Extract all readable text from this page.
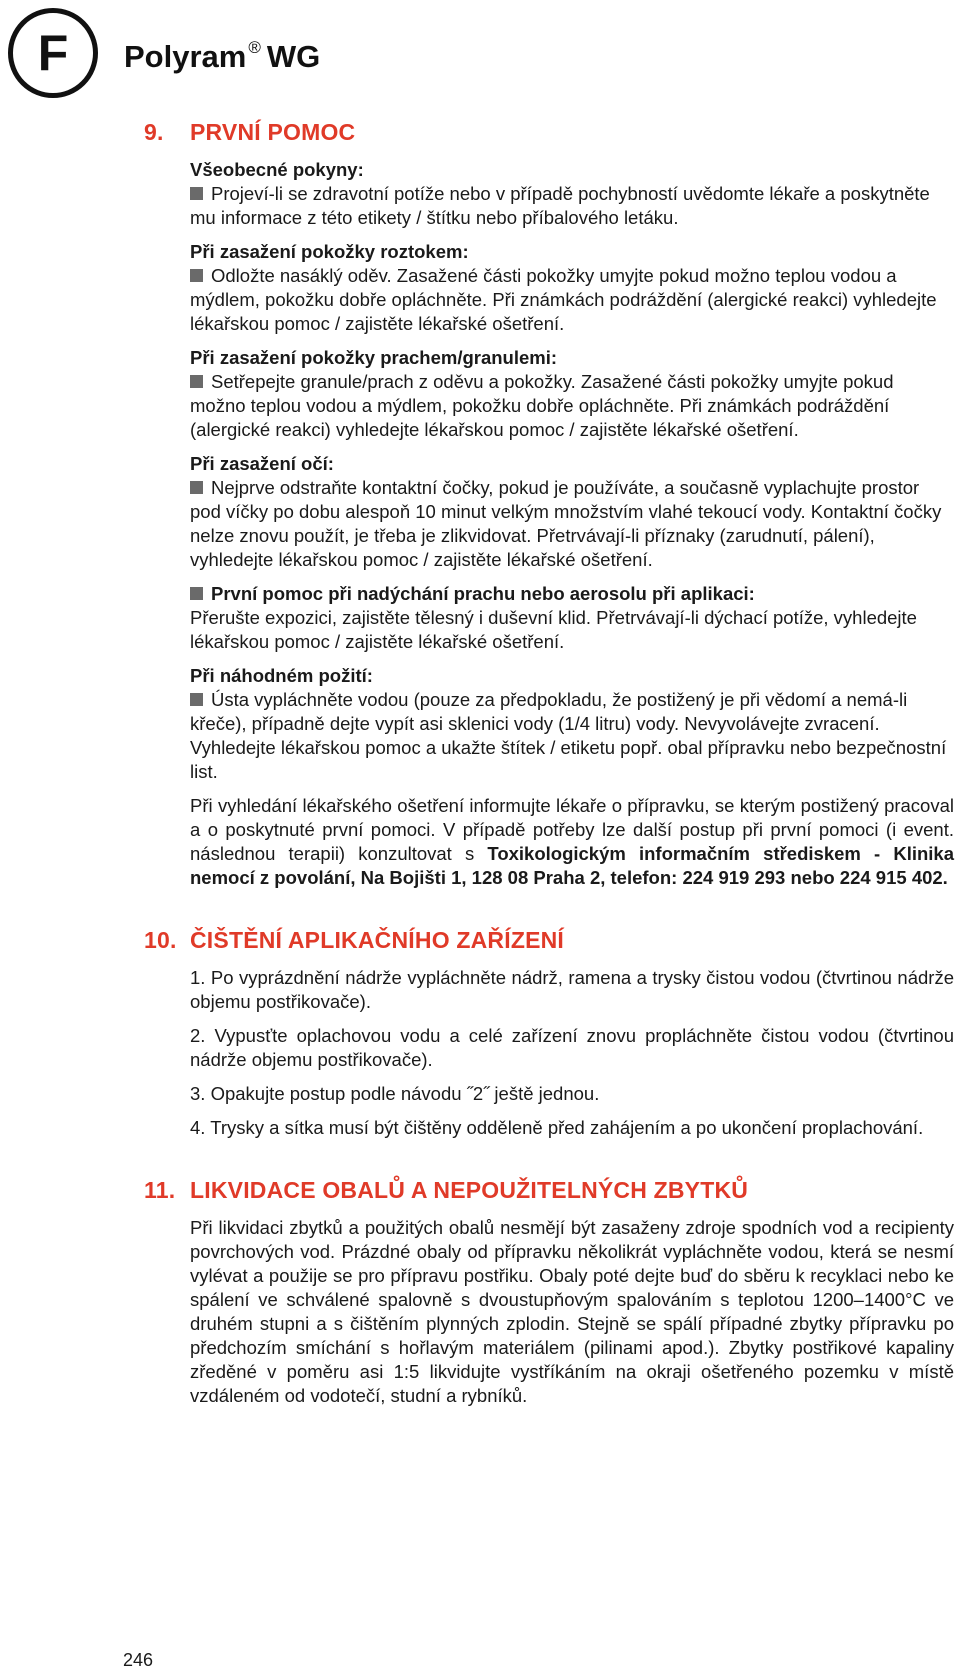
F	Polyram ® WG
9. PRVNÍ POMOC
Všeobecné pokyny:

Projeví-li se zdravotní potíže nebo v případě pochybností uvědomte lékaře a poskytněte mu informace z této etikety / štítku nebo příbalového letáku.

Při zasažení pokožky roztokem:

Odložte nasáklý oděv. Zasažené části pokožky umyjte pokud možno teplou vodou a mýdlem, pokožku dobře opláchněte. Při známkách podráždění (alergické reakci) vyhledejte lékařskou pomoc / zajistěte lékařské ošetření.

Při zasažení pokožky prachem/granulemi:

Setřepejte granule/prach z oděvu a pokožky. Zasažené části pokožky umyjte pokud možno teplou vodou a mýdlem, pokožku dobře opláchněte. Při známkách podráždění (alergické reakci) vyhledejte lékařskou pomoc / zajistěte lékařské ošetření.

Při zasažení očí:

Nejprve odstraňte kontaktní čočky, pokud je používáte, a současně vyplachujte prostor pod víčky po dobu alespoň 10 minut velkým množstvím vlahé tekoucí vody. Kontaktní čočky nelze znovu použít, je třeba je zlikvidovat. Přetrvávají-li příznaky (zarudnutí, pálení), vyhledejte lékařskou pomoc / zajistěte lékařské ošetření.

První pomoc při nadýchání prachu nebo aerosolu při aplikaci:

Přerušte expozici, zajistěte tělesný i duševní klid. Přetrvávají-li dýchací potíže, vyhledejte lékařskou pomoc / zajistěte lékařské ošetření.

Při náhodném požití:

Ústa vypláchněte vodou (pouze za předpokladu, že postižený je při vědomí a nemá-li křeče), případně dejte vypít asi sklenici vody (1/4 litru) vody. Nevyvolávejte zvracení. Vyhledejte lékařskou pomoc a ukažte štítek / etiketu popř. obal přípravku nebo bezpečnostní list.

Při vyhledání lékařského ošetření informujte lékaře o přípravku, se kterým postižený pracoval a o poskytnuté první pomoci. V případě potřeby lze další postup při první pomoci (i event. následnou terapii) konzultovat s Toxikologickým informačním střediskem - Klinika nemocí z povolání, Na Bojišti 1, 128 08 Praha 2, telefon: 224 919 293 nebo 224 915 402.

10. ČIŠTĚNÍ APLIKAČNÍHO ZAŘÍZENÍ
1. Po vyprázdnění nádrže vypláchněte nádrž, ramena a trysky čistou vodou (čtvrtinou nádrže objemu postřikovače).
2. Vypusťte oplachovou vodu a celé zařízení znovu propláchněte čistou vodou (čtvrtinou nádrže objemu postřikovače).
3. Opakujte postup podle návodu ˝2˝ ještě jednou.
4. Trysky a sítka musí být čištěny odděleně před zahájením a po ukončení proplachování.
11. LIKVIDACE OBALŮ A NEPOUŽITELNÝCH ZBYTKŮ

Při likvidaci zbytků a použitých obalů nesmějí být zasaženy zdroje spodních vod a recipienty povrchových vod. Prázdné obaly od přípravku několikrát vypláchněte vodou, která se nesmí vylévat a použije se pro přípravu postřiku. Obaly poté dejte buď do sběru k recyklaci nebo ke spálení ve schválené spalovně s dvoustupňovým spalováním s teplotou 1200–1400°C ve druhém stupni a s čištěním plynných zplodin. Stejně se spálí případné zbytky přípravku po předchozím smíchání s hořlavým materiálem (pilinami apod.). Zbytky postřikové kapaliny zředěné v poměru asi 1:5 likvidujte vystříkáním na okraji ošetřeného pozemku v místě vzdáleném od vodotečí, studní a rybníků.

246
